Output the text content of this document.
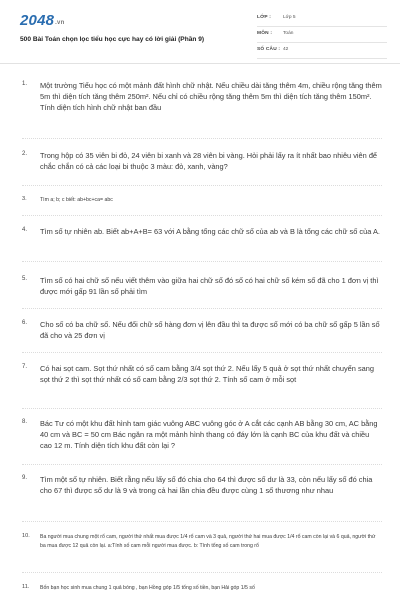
2048.vn
500 Bài Toán chọn lọc tiểu học cực hay có lời giải (Phần 9)
LỚP : Lớp 5
MÔN : Toán
SỐ CÂU : 42
1.	Một trường Tiểu học có một mảnh đất hình chữ nhật. Nếu chiều dài tăng thêm 4m, chiều rộng tăng thêm 5m thì diện tích tăng thêm 250m². Nếu chỉ có chiều rộng tăng thêm 5m thì diện tích tăng thêm 150m². Tính diện tích hình chữ nhật ban đầu
2.	Trong hộp có 35 viên bi đỏ, 24 viên bi xanh và 28 viên bi vàng. Hỏi phải lấy ra ít nhất bao nhiêu viên để chắc chắn có cả các loại bi thuộc 3 màu: đỏ, xanh, vàng?
3.	Tìm a; b; c biết: ab+bc+ca= abc
4.	Tìm số tự nhiên ab. Biết ab+A+B= 63 với A bằng tổng các chữ số của ab và B là tổng các chữ số của A.
5.	Tìm số có hai chữ số nếu viết thêm vào giữa hai chữ số đó số có hai chữ số kém số đã cho 1 đơn vị thì được mới gấp 91 lần số phải tìm
6.	Cho số có ba chữ số. Nếu đổi chữ số hàng đơn vị lên đầu thì ta được số mới có ba chữ số gấp 5 lần số đã cho và 25 đơn vị
7.	Có hai sọt cam. Sọt thứ nhất có số cam bằng 3/4 sọt thứ 2. Nếu lấy 5 quả ở sọt thứ nhất chuyển sang sọt thứ 2 thì sọt thứ nhất có số cam bằng 2/3 sọt thứ 2. Tính số cam ở mỗi sọt
8.	Bác Tư có một khu đất hình tam giác vuông ABC vuông góc ở A cắt các cạnh AB bằng 30 cm, AC bằng 40 cm và BC = 50 cm Bác ngăn ra một mảnh hình thang có đáy lớn là cạnh BC của khu đất và chiều cao 12 m. Tính diện tích khu đất còn lại ?
9.	Tìm một số tự nhiên. Biết rằng nếu lấy số đó chia cho 64 thì được số dư là 33, còn nếu lấy số đó chia cho 67 thì được số dư là 9 và trong cả hai lần chia đều được cùng 1 số thương như nhau
10.	Ba người mua chung một rổ cam, người thứ nhất mua được 1/4 rổ cam và 3 quả, người thứ hai mua được 1/4 rổ cam còn lại và 6 quả, người thứ ba mua được 12 quả còn lại. a:Tính số cam mỗi người mua được. b: Tính tổng số cam trong rổ
11.	Bốn bạn học sinh mua chung 1 quả bóng , bạn Hồng góp 1/5 tổng số tiền, bạn Hải góp 1/5 số
